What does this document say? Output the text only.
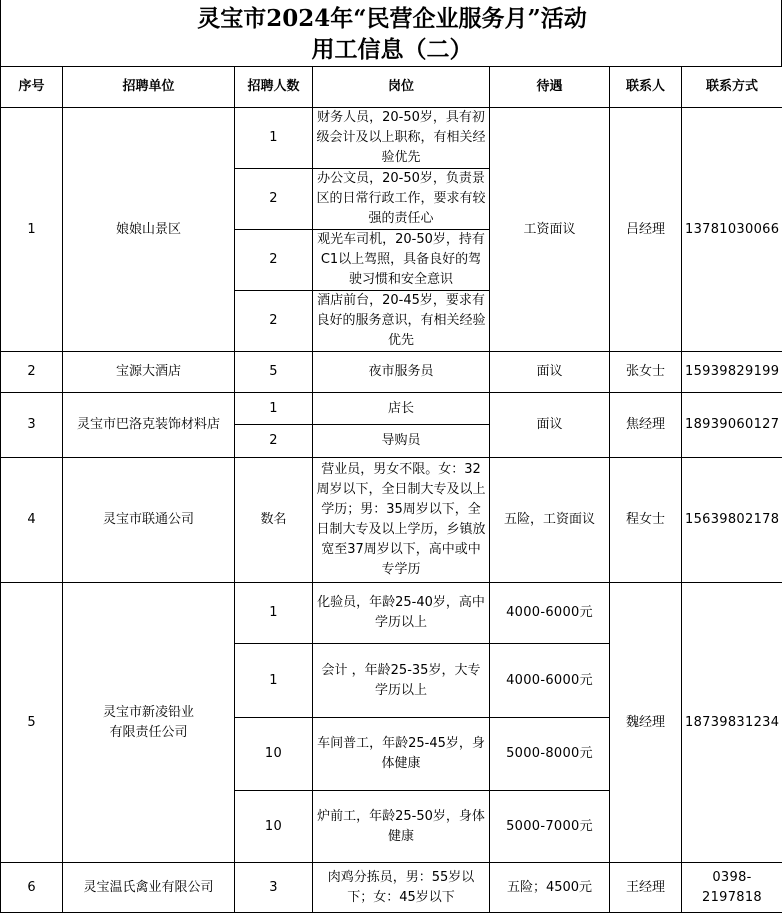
灵宝市2024年“民营企业服务月”活动
用工信息（二）
序号	招聘单位	招聘人数	岗位	待遇	联系人	联系方式
1	娘娘山景区	1	财务人员，20-50岁，具有初级会计及以上职称，有相关经验优先	工资面议	吕经理	13781030066
		2	办公文员，20-50岁，负责景区的日常行政工作，要求有较强的责任心			
		2	观光车司机，20-50岁，持有C1以上驾照，具备良好的驾驶习惯和安全意识			
		2	酒店前台，20-45岁，要求有良好的服务意识，有相关经验优先			
2	宝源大酒店	5	夜市服务员	面议	张女士	15939829199
3	灵宝市巴洛克装饰材料店	1	店长	面议	焦经理	18939060127
		2	导购员			
4	灵宝市联通公司	数名	营业员，男女不限。女：32周岁以下，全日制大专及以上学历；男：35周岁以下，全日制大专及以上学历，乡镇放宽至37周岁以下，高中或中专学历	五险，工资面议	程女士	15639802178
5	灵宝市新凌铅业
有限责任公司	1	化验员，年龄25-40岁，高中学历以上	4000-6000元	魏经理	18739831234
		1	会计 ，年龄25-35岁，大专学历以上	4000-6000元		
		10	车间普工，年龄25-45岁，身体健康	5000-8000元		
		10	炉前工，年龄25-50岁，身体健康	5000-7000元		
6	灵宝温氏禽业有限公司	3	肉鸡分拣员，男：55岁以下；女：45岁以下	五险；4500元	王经理	0398-2197818
